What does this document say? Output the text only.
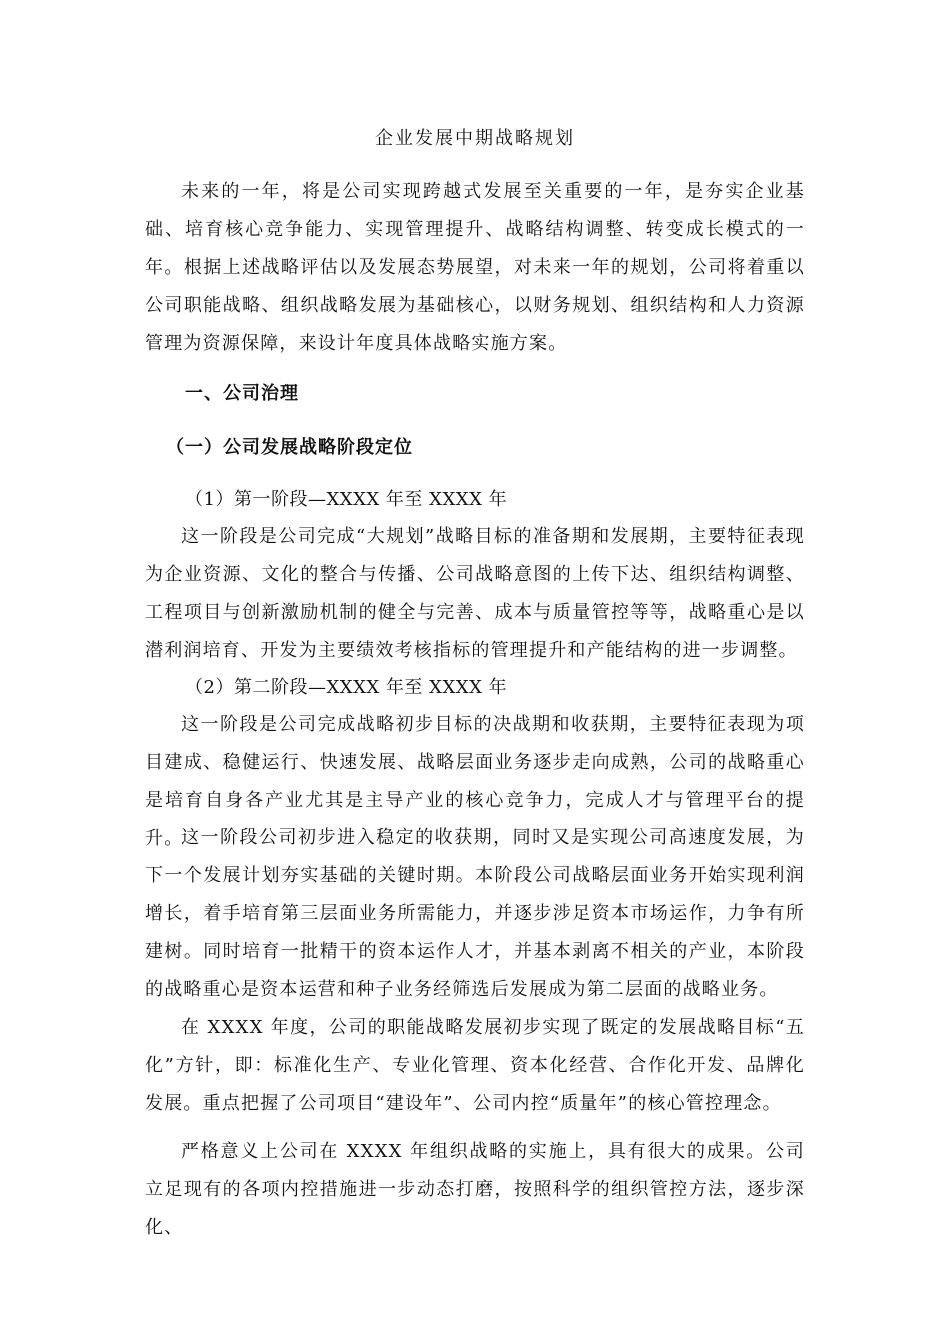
企业发展中期战略规划

未来的一年，将是公司实现跨越式发展至关重要的一年，是夯实企业基础、培育核心竞争能力、实现管理提升、战略结构调整、转变成长模式的一年。根据上述战略评估以及发展态势展望，对未来一年的规划，公司将着重以公司职能战略、组织战略发展为基础核心，以财务规划、组织结构和人力资源管理为资源保障，来设计年度具体战略实施方案。

一、公司治理

（一）公司发展战略阶段定位

（1）第一阶段—XXXX 年至 XXXX 年

这一阶段是公司完成“大规划”战略目标的准备期和发展期，主要特征表现为企业资源、文化的整合与传播、公司战略意图的上传下达、组织结构调整、工程项目与创新激励机制的健全与完善、成本与质量管控等等，战略重心是以潜利润培育、开发为主要绩效考核指标的管理提升和产能结构的进一步调整。

（2）第二阶段—XXXX 年至 XXXX 年

这一阶段是公司完成战略初步目标的决战期和收获期，主要特征表现为项目建成、稳健运行、快速发展、战略层面业务逐步走向成熟，公司的战略重心是培育自身各产业尤其是主导产业的核心竞争力，完成人才与管理平台的提升。

这一阶段公司初步进入稳定的收获期，同时又是实现公司高速度发展，为下一个发展计划夯实基础的关键时期。本阶段公司战略层面业务开始实现利润增长，着手培育第三层面业务所需能力，并逐步涉足资本市场运作，力争有所建树。同时培育一批精干的资本运作人才，并基本剥离不相关的产业，本阶段的战略重心是资本运营和种子业务经筛选后发展成为第二层面的战略业务。

在 XXXX 年度，公司的职能战略发展初步实现了既定的发展战略目标“五化”方针，即：标准化生产、专业化管理、资本化经营、合作化开发、品牌化发展。重点把握了公司项目“建设年”、公司内控“质量年”的核心管控理念。

严格意义上公司在 XXXX 年组织战略的实施上，具有很大的成果。公司立足现有的各项内控措施进一步动态打磨，按照科学的组织管控方法，逐步深化、
